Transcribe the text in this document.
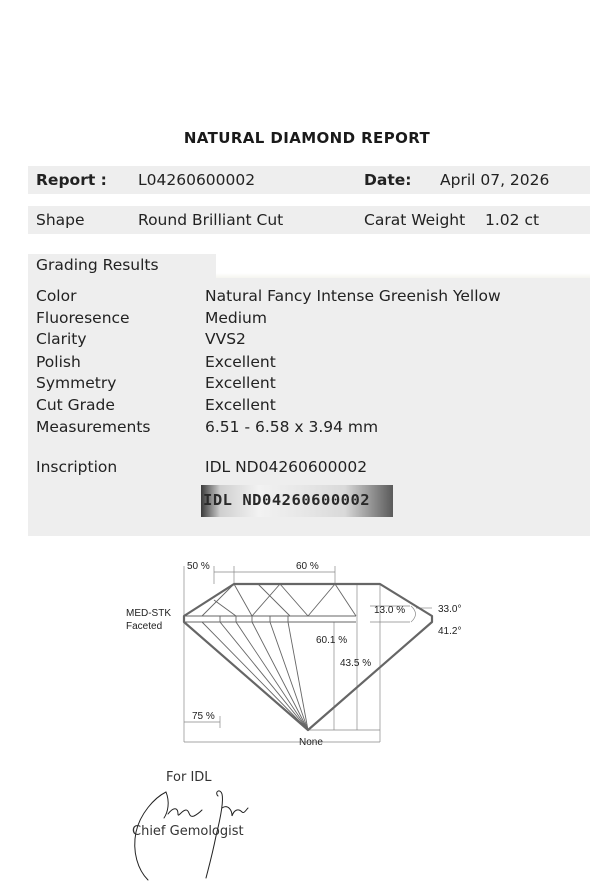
NATURAL DIAMOND REPORT
Report : L04260600002	Date: April 07, 2026
Shape	Round Brilliant Cut	Carat Weight 1.02 ct
Grading Results
Color	Natural Fancy Intense Greenish Yellow
Fluoresence	Medium
Clarity	VVS2
Polish	Excellent
Symmetry	Excellent
Cut Grade	Excellent
Measurements	6.51 - 6.58 x 3.94 mm
Inscription	IDL ND04260600002
IDL ND04260600002
50 %	60 %
MED-STK
Faceted
13.0 %	33.0°
41.2°
60.1 %
43.5 %
75 %
None
For IDL
Chief Gemologist
